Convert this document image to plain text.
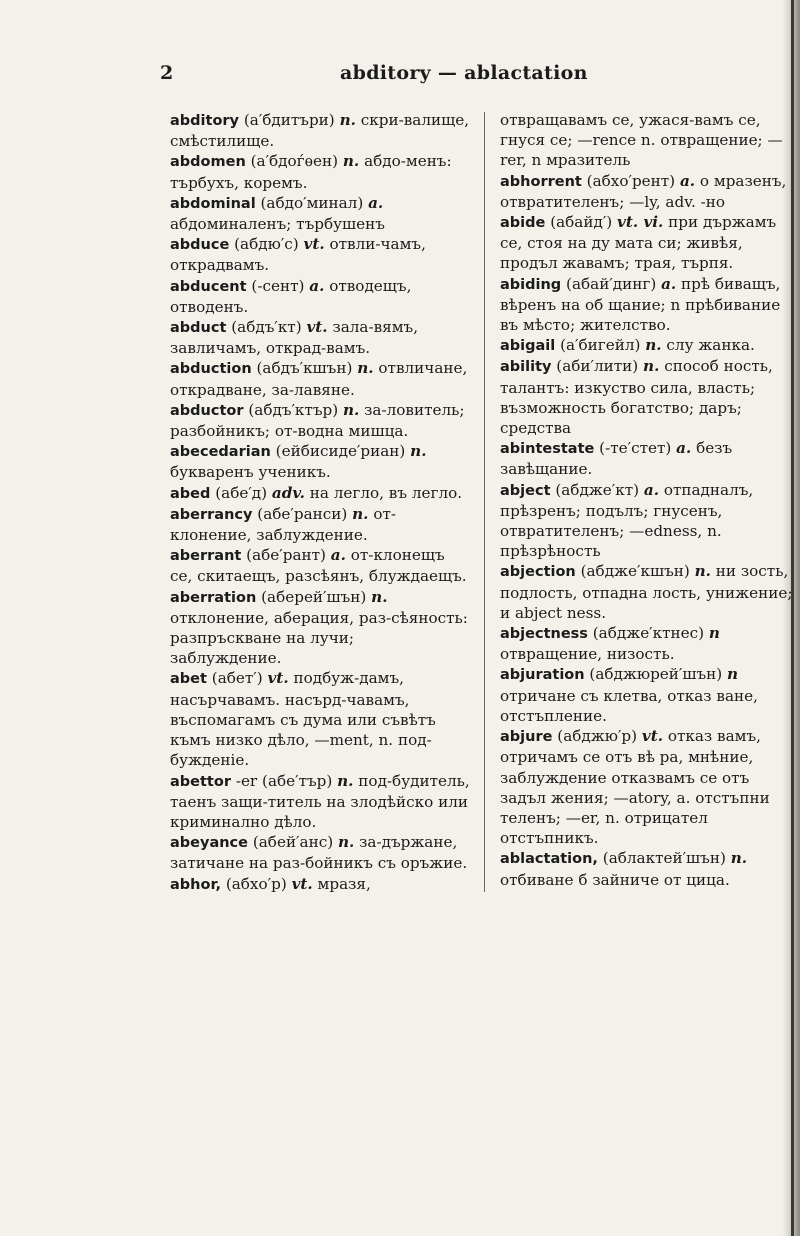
2	abditory — ablactation
abditory (а′бдитъри) n. скри-валище, смѣстилище.
abdomen (а′бдоѓѳен) n. абдо-менъ: търбухъ, коремъ.
abdominal (абдо′минал) a. абдоминаленъ; търбушенъ
abduce (абдю′с) vt. отвли-чамъ, открадвамъ.
abducent (-сент) a. отводещъ, отводенъ.
abduct (абдъ′кт) vt. зала-вямъ, завличамъ, открад-вамъ.
abduction (абдъ′кшън) n. отвличане, открадване, за-лавяне.
abductor (абдъ′ктър) n. за-ловитель; разбойникъ; от-водна мишца.
abecedarian (ейбисиде′риан) n. букваренъ ученикъ.
abed (абе′д) adv. на легло, въ легло.
aberrancy (абе′ранси) n. от-клонение, заблуждение.
aberrant (абе′рант) a. от-клонещъ се, скитаещъ, разсѣянъ, блуждаещъ.
aberration (аберей′шън) n. отклонение, аберация, раз-сѣяность: разпръскване на лучи; заблуждение.
abet (абет′) vt. подбуж-дамъ, насърчавамъ. насърд-чавамъ, въспомагамъ съ дума или съвѣтъ къмъ низко дѣло, —ment, n. под-бужденіе.
abettor -er (абе′тър) n. под-будитель, таенъ защи-титель на злодѣйско или криминално дѣло.
abeyance (абей′анс) n. за-държане, затичане на раз-бойникъ съ оръжие.
abhor, (абхо′р) vt. мразя,
отвращавамъ се, ужася-вамъ се, гнуся се; —rence n. отвращение; —rer, n мразитель
abhorrent (абхо′рент) a. о мразенъ, отвратителенъ; —ly, adv. -но
abide (абайд′) vt. vi. при държамъ се, стоя на ду мата си; живѣя, продъл жавамъ; трая, търпя.
abiding (абай′динг) a. прѣ биващъ, вѣренъ на об щание; n прѣбивание въ мѣсто; жителство.
abigail (а′бигейл) n. слу жанка.
ability (аби′лити) n. способ ность, талантъ: изкуство сила, власть; възможность богатство; даръ; средства
abintestate (-те′стет) a. безъ завѣщание.
abject (абдже′кт) a. отпадналъ, прѣзренъ; подълъ; гнусенъ, отвратителенъ; —edness, n. прѣзрѣность
abjection (абдже′кшън) n. ни зость, подлость, отпадна лость, унижение; и abject ness.
abjectness (абдже′ктнес) n отвращение, низость.
abjuration (абджюрей′шън) n отричане съ клетва, отказ ване, отстъпление.
abjure (абджю′р) vt. отказ вамъ, отричамъ се отъ вѣ ра, мнѣние, заблуждение отказвамъ се отъ задъл жения; —atory, a. отстъпни теленъ; —er, n. отрицател отстъпникъ.
ablactation, (аблактей′шън) n. отбиване б зайниче от цица.
